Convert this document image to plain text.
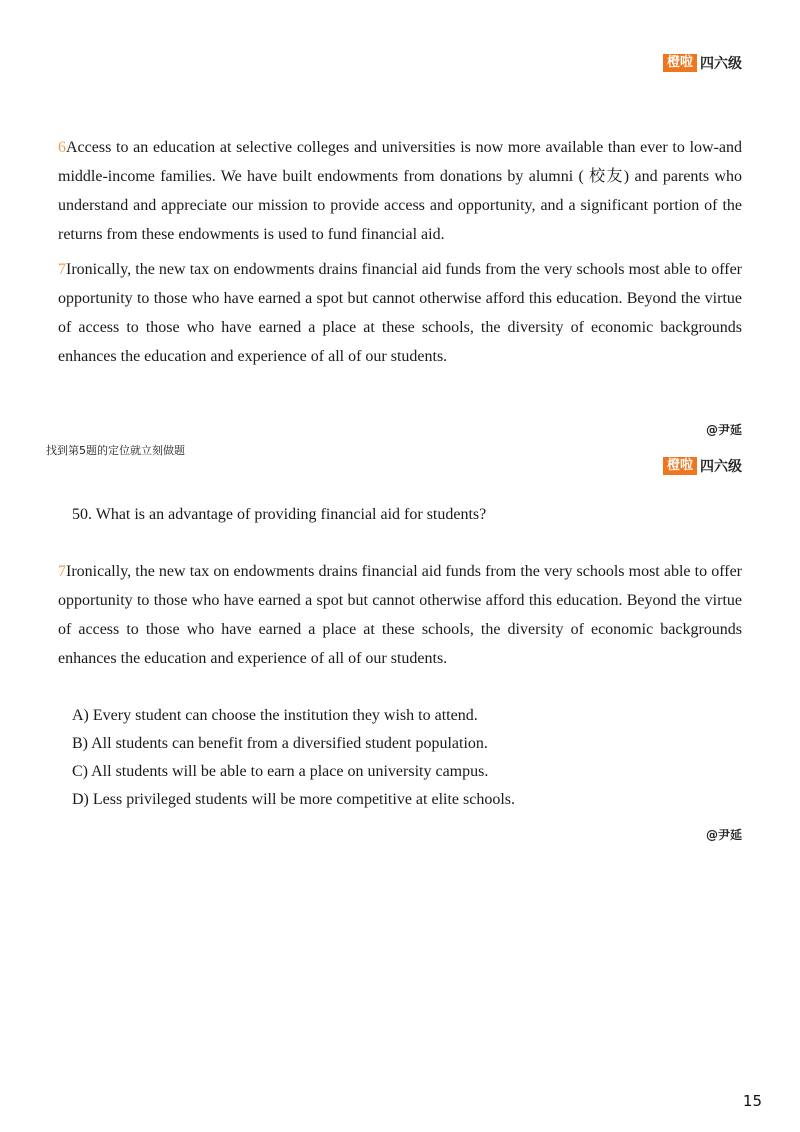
橙啦 四六级

6Access to an education at selective colleges and universities is now more available than ever to low-and middle-income families. We have built endowments from donations by alumni ( 校友) and parents who understand and appreciate our mission to provide access and opportunity, and a significant portion of the returns from these endowments is used to fund financial aid.

7Ironically, the new tax on endowments drains financial aid funds from the very schools most able to offer opportunity to those who have earned a spot but cannot otherwise afford this education. Beyond the virtue of access to those who have earned a place at these schools, the diversity of economic backgrounds enhances the education and experience of all of our students.

@尹延
找到第5题的定位就立刻做题
橙啦 四六级
50. What is an advantage of providing financial aid for students?

7Ironically, the new tax on endowments drains financial aid funds from the very schools most able to offer opportunity to those who have earned a spot but cannot otherwise afford this education. Beyond the virtue of access to those who have earned a place at these schools, the diversity of economic backgrounds enhances the education and experience of all of our students.

A) Every student can choose the institution they wish to attend.
B) All students can benefit from a diversified student population.
C) All students will be able to earn a place on university campus.
D) Less privileged students will be more competitive at elite schools.
@尹延
15
